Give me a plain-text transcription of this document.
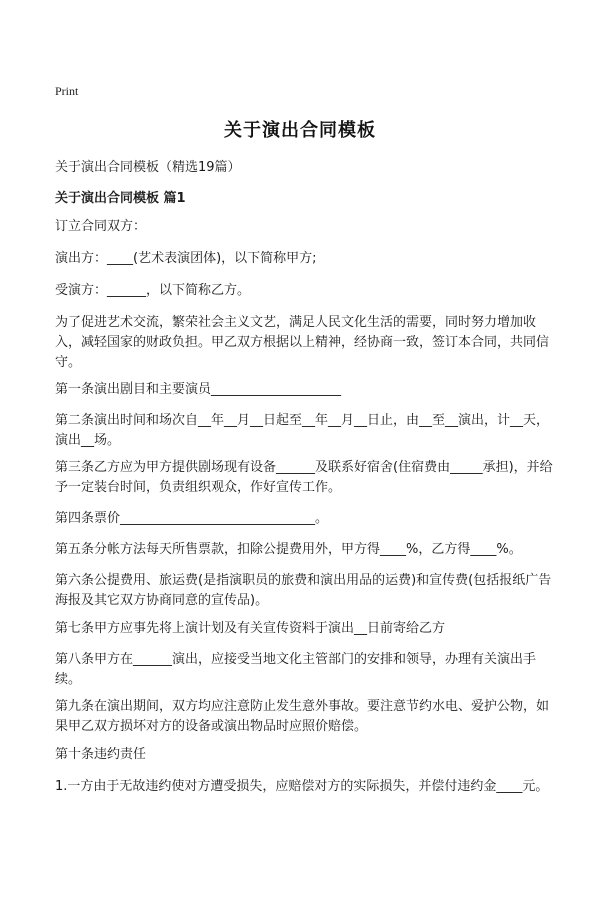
Print
关于演出合同模板
关于演出合同模板（精选19篇）
关于演出合同模板 篇1
订立合同双方：
演出方：____(艺术表演团体)，以下简称甲方;
受演方：______，以下简称乙方。
为了促进艺术交流，繁荣社会主义文艺，满足人民文化生活的需要，同时努力增加收入，减轻国家的财政负担。甲乙双方根据以上精神，经协商一致，签订本合同，共同信守。
第一条演出剧目和主要演员____________________
第二条演出时间和场次自__年__月__日起至__年__月__日止，由__至__演出，计__天，演出__场。
第三条乙方应为甲方提供剧场现有设备______及联系好宿舍(住宿费由_____承担)，并给予一定装台时间，负责组织观众，作好宣传工作。
第四条票价______________________________。
第五条分帐方法每天所售票款，扣除公提费用外，甲方得____%，乙方得____%。
第六条公提费用、旅运费(是指演职员的旅费和演出用品的运费)和宣传费(包括报纸广告海报及其它双方协商同意的宣传品)。
第七条甲方应事先将上演计划及有关宣传资料于演出__日前寄给乙方
第八条甲方在______演出，应接受当地文化主管部门的安排和领导，办理有关演出手续。
第九条在演出期间，双方均应注意防止发生意外事故。要注意节约水电、爱护公物，如果甲乙双方损坏对方的设备或演出物品时应照价赔偿。
第十条违约责任
1.一方由于无故违约使对方遭受损失，应赔偿对方的实际损失，并偿付违约金____元。
